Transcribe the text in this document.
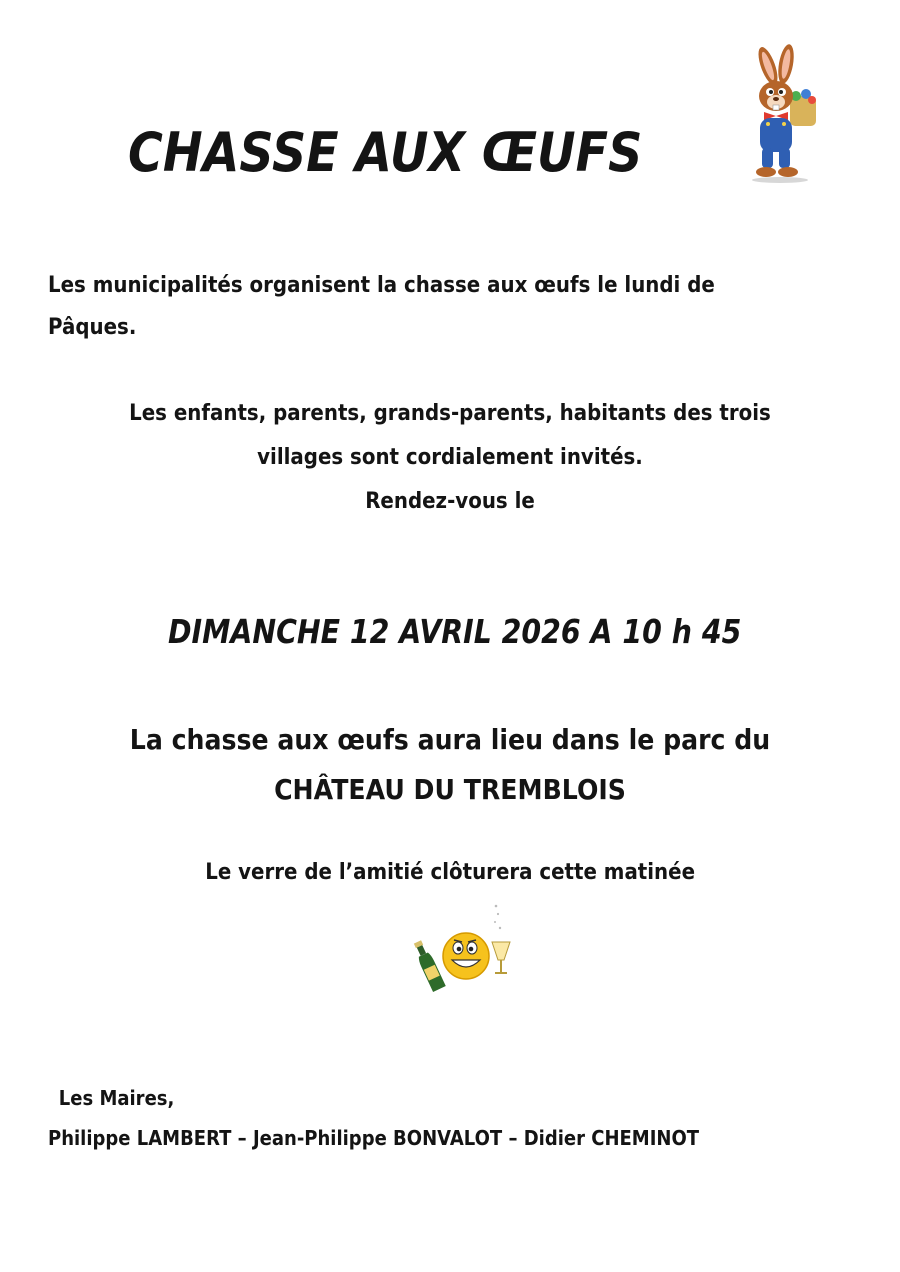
CHASSE AUX ŒUFS

Les municipalités organisent la chasse aux œufs le lundi de
Pâques.

Les enfants, parents, grands-parents, habitants des trois
villages sont cordialement invités.
Rendez-vous le

DIMANCHE 12 AVRIL 2026 A 10 h 45

La chasse aux œufs aura lieu dans le parc du
CHÂTEAU DU TREMBLOIS
Le verre de l’amitié clôturera cette matinée
Les Maires,
Philippe LAMBERT – Jean-Philippe BONVALOT – Didier CHEMINOT
